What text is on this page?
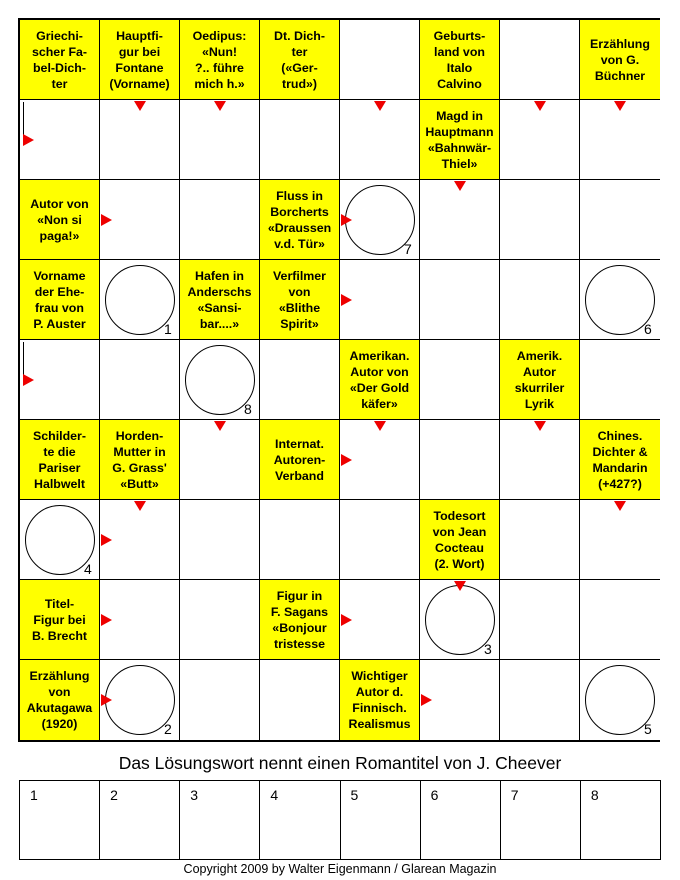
Griechi-
scher Fa-
bel-Dich-
ter
Hauptfi-
gur bei
Fontane
(Vorname)
Oedipus:
«Nun!
?.. führe
mich h.»
Dt. Dich-
ter
(«Ger-
trud»)
Geburts-
land von
Italo
Calvino
Erzählung
von G.
Büchner
Magd in
Hauptmann
«Bahnwär-
Thiel»
Autor von
«Non si
paga!»
Fluss in
Borcherts
«Draussen
v.d. Tür»
Vorname
der Ehe-
frau von
P. Auster
Hafen in
Anderschs
«Sansi-
bar....»
Verfilmer
von
«Blithe
Spirit»
Amerikan.
Autor von
«Der Gold
käfer»
Amerik.
Autor
skurriler
Lyrik
Schilder-
te die
Pariser
Halbwelt
Horden-
Mutter in
G. Grass'
«Butt»
Internat.
Autoren-
Verband
Chines.
Dichter &
Mandarin
(+427?)
Todesort
von Jean
Cocteau
(2. Wort)
Titel-
Figur bei
B. Brecht
Figur in
F. Sagans
«Bonjour
tristesse
Erzählung
von
Akutagawa
(1920)
Wichtiger
Autor d.
Finnisch.
Realismus
7
1	6
8
4
3
2	5
Das Lösungswort nennt einen Romantitel von J. Cheever
1	2	3	4	5	6	7	8
Copyright 2009 by Walter Eigenmann / Glarean Magazin
